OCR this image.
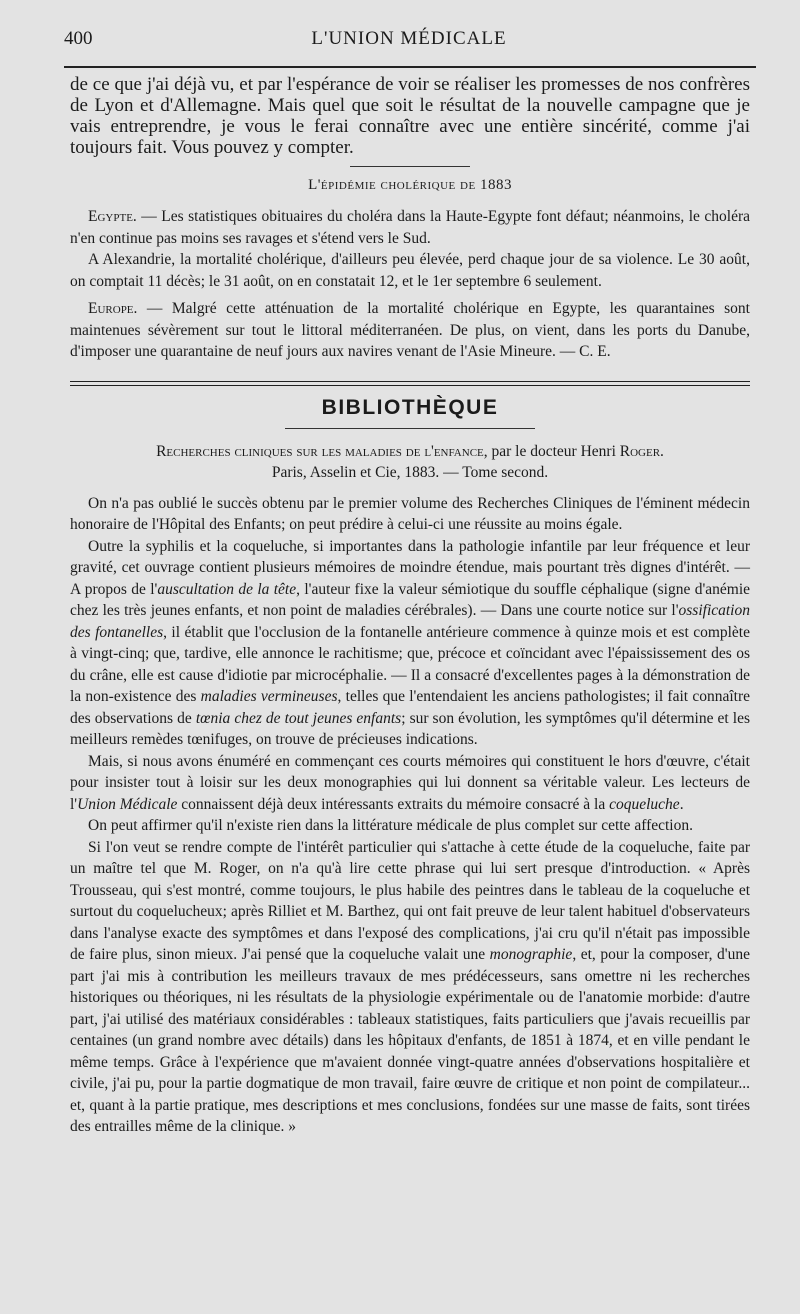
400	L'UNION MÉDICALE

de ce que j'ai déjà vu, et par l'espérance de voir se réaliser les promesses de nos confrères de Lyon et d'Allemagne. Mais quel que soit le résultat de la nouvelle campagne que je vais entreprendre, je vous le ferai connaître avec une entière sincérité, comme j'ai toujours fait. Vous pouvez y compter.

L'épidémie cholérique de 1883

Egypte. — Les statistiques obituaires du choléra dans la Haute-Egypte font défaut; néanmoins, le choléra n'en continue pas moins ses ravages et s'étend vers le Sud.

A Alexandrie, la mortalité cholérique, d'ailleurs peu élevée, perd chaque jour de sa violence. Le 30 août, on comptait 11 décès; le 31 août, on en constatait 12, et le 1er septembre 6 seulement.

Europe. — Malgré cette atténuation de la mortalité cholérique en Egypte, les quarantaines sont maintenues sévèrement sur tout le littoral méditerranéen. De plus, on vient, dans les ports du Danube, d'imposer une quarantaine de neuf jours aux navires venant de l'Asie Mineure. — C. E.

BIBLIOTHÈQUE
Recherches cliniques sur les maladies de l'enfance, par le docteur Henri Roger.
Paris, Asselin et Cie, 1883. — Tome second.

On n'a pas oublié le succès obtenu par le premier volume des Recherches Cliniques de l'éminent médecin honoraire de l'Hôpital des Enfants; on peut prédire à celui-ci une réussite au moins égale.

Outre la syphilis et la coqueluche, si importantes dans la pathologie infantile par leur fréquence et leur gravité, cet ouvrage contient plusieurs mémoires de moindre étendue, mais pourtant très dignes d'intérêt. — A propos de l'auscultation de la tête, l'auteur fixe la valeur sémiotique du souffle céphalique (signe d'anémie chez les très jeunes enfants, et non point de maladies cérébrales). — Dans une courte notice sur l'ossification des fontanelles, il établit que l'occlusion de la fontanelle antérieure commence à quinze mois et est complète à vingt-cinq; que, tardive, elle annonce le rachitisme; que, précoce et coïncidant avec l'épaississement des os du crâne, elle est cause d'idiotie par microcéphalie. — Il a consacré d'excellentes pages à la démonstration de la non-existence des maladies vermineuses, telles que l'entendaient les anciens pathologistes; il fait connaître des observations de tœnia chez de tout jeunes enfants; sur son évolution, les symptômes qu'il détermine et les meilleurs remèdes tœnifuges, on trouve de précieuses indications.

Mais, si nous avons énuméré en commençant ces courts mémoires qui constituent le hors d'œuvre, c'était pour insister tout à loisir sur les deux monographies qui lui donnent sa véritable valeur. Les lecteurs de l'Union Médicale connaissent déjà deux intéressants extraits du mémoire consacré à la coqueluche.

On peut affirmer qu'il n'existe rien dans la littérature médicale de plus complet sur cette affection.

Si l'on veut se rendre compte de l'intérêt particulier qui s'attache à cette étude de la coqueluche, faite par un maître tel que M. Roger, on n'a qu'à lire cette phrase qui lui sert presque d'introduction. « Après Trousseau, qui s'est montré, comme toujours, le plus habile des peintres dans le tableau de la coqueluche et surtout du coquelucheux; après Rilliet et M. Barthez, qui ont fait preuve de leur talent habituel d'observateurs dans l'analyse exacte des symptômes et dans l'exposé des complications, j'ai cru qu'il n'était pas impossible de faire plus, sinon mieux. J'ai pensé que la coqueluche valait une monographie, et, pour la composer, d'une part j'ai mis à contribution les meilleurs travaux de mes prédécesseurs, sans omettre ni les recherches historiques ou théoriques, ni les résultats de la physiologie expérimentale ou de l'anatomie morbide: d'autre part, j'ai utilisé des matériaux considérables : tableaux statistiques, faits particuliers que j'avais recueillis par centaines (un grand nombre avec détails) dans les hôpitaux d'enfants, de 1851 à 1874, et en ville pendant le même temps. Grâce à l'expérience que m'avaient donnée vingt-quatre années d'observations hospitalière et civile, j'ai pu, pour la partie dogmatique de mon travail, faire œuvre de critique et non point de compilateur... et, quant à la partie pratique, mes descriptions et mes conclusions, fondées sur une masse de faits, sont tirées des entrailles même de la clinique. »
